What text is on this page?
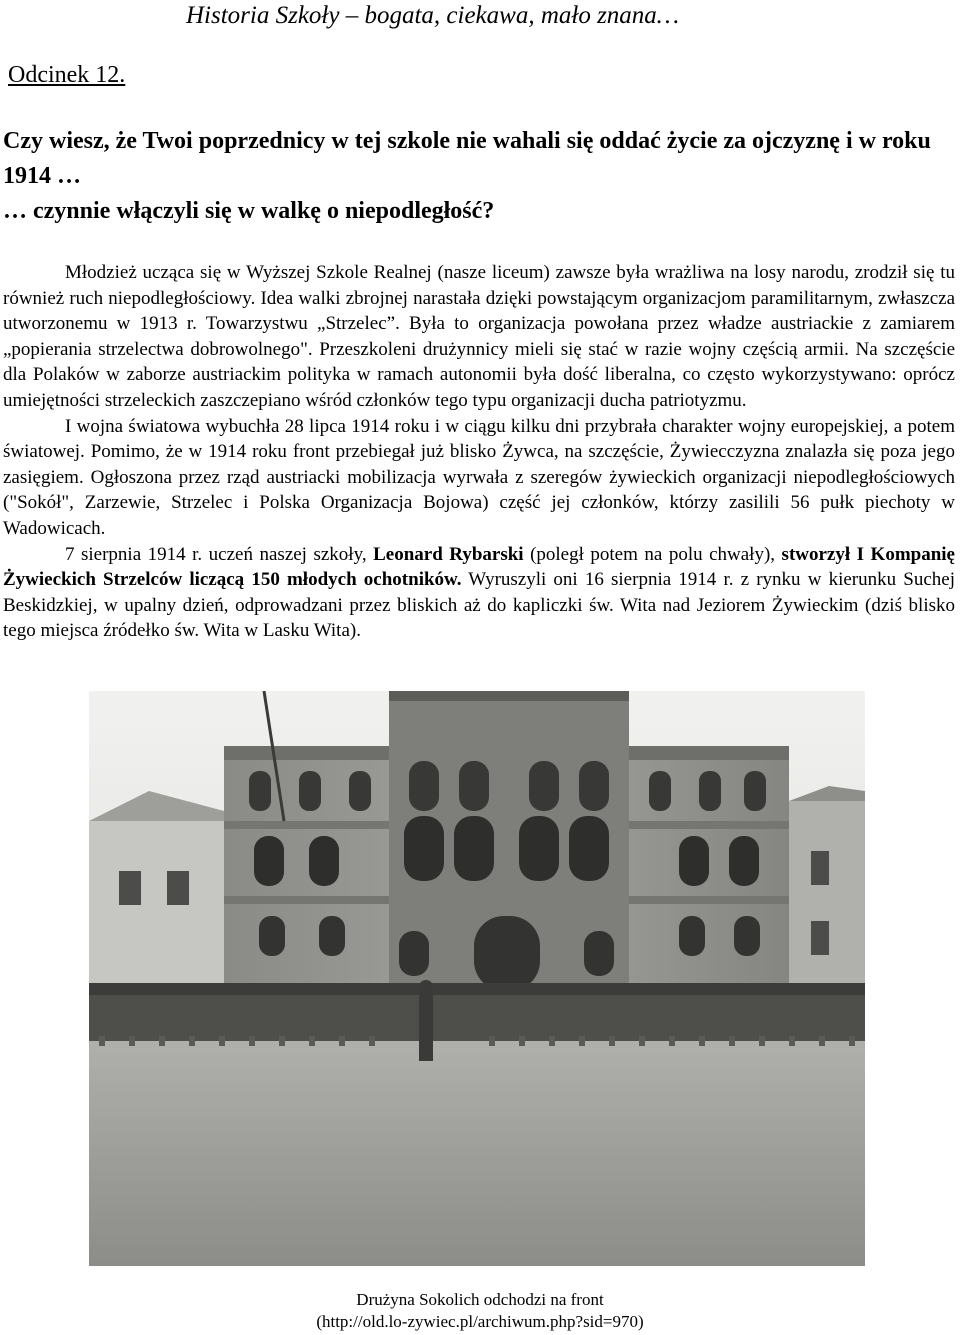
Historia Szkoły – bogata, ciekawa, mało znana…
Odcinek 12.

Czy wiesz, że Twoi poprzednicy w tej szkole nie wahali się oddać życie za ojczyznę i w roku 1914 …

… czynnie włączyli się w walkę o niepodległość?

Młodzież ucząca się w Wyższej Szkole Realnej (nasze liceum) zawsze była wrażliwa na losy narodu, zrodził się tu również ruch niepodległościowy. Idea walki zbrojnej narastała dzięki powstającym organizacjom paramilitarnym, zwłaszcza utworzonemu w 1913 r. Towarzystwu „Strzelec”. Była to organizacja powołana przez władze austriackie z zamiarem „popierania strzelectwa dobrowolnego". Przeszkoleni drużynnicy mieli się stać w razie wojny częścią armii. Na szczęście dla Polaków w zaborze austriackim polityka w ramach autonomii była dość liberalna, co często wykorzystywano: oprócz umiejętności strzeleckich zaszczepiano wśród członków tego typu organizacji ducha patriotyzmu.

I wojna światowa wybuchła 28 lipca 1914 roku i w ciągu kilku dni przybrała charakter wojny europejskiej, a potem światowej. Pomimo, że w 1914 roku front przebiegał już blisko Żywca, na szczęście, Żywiecczyzna znalazła się poza jego zasięgiem. Ogłoszona przez rząd austriacki mobilizacja wyrwała z szeregów żywieckich organizacji niepodległościowych ("Sokół", Zarzewie, Strzelec i Polska Organizacja Bojowa) część jej członków, którzy zasilili 56 pułk piechoty w Wadowicach.

7 sierpnia 1914 r. uczeń naszej szkoły, Leonard Rybarski (poległ potem na polu chwały), stworzył I Kompanię Żywieckich Strzelców liczącą 150 młodych ochotników. Wyruszyli oni 16 sierpnia 1914 r. z rynku w kierunku Suchej Beskidzkiej, w upalny dzień, odprowadzani przez bliskich aż do kapliczki św. Wita nad Jeziorem Żywieckim (dziś blisko tego miejsca źródełko św. Wita w Lasku Wita).

Drużyna Sokolich odchodzi na front
(http://old.lo-zywiec.pl/archiwum.php?sid=970)
